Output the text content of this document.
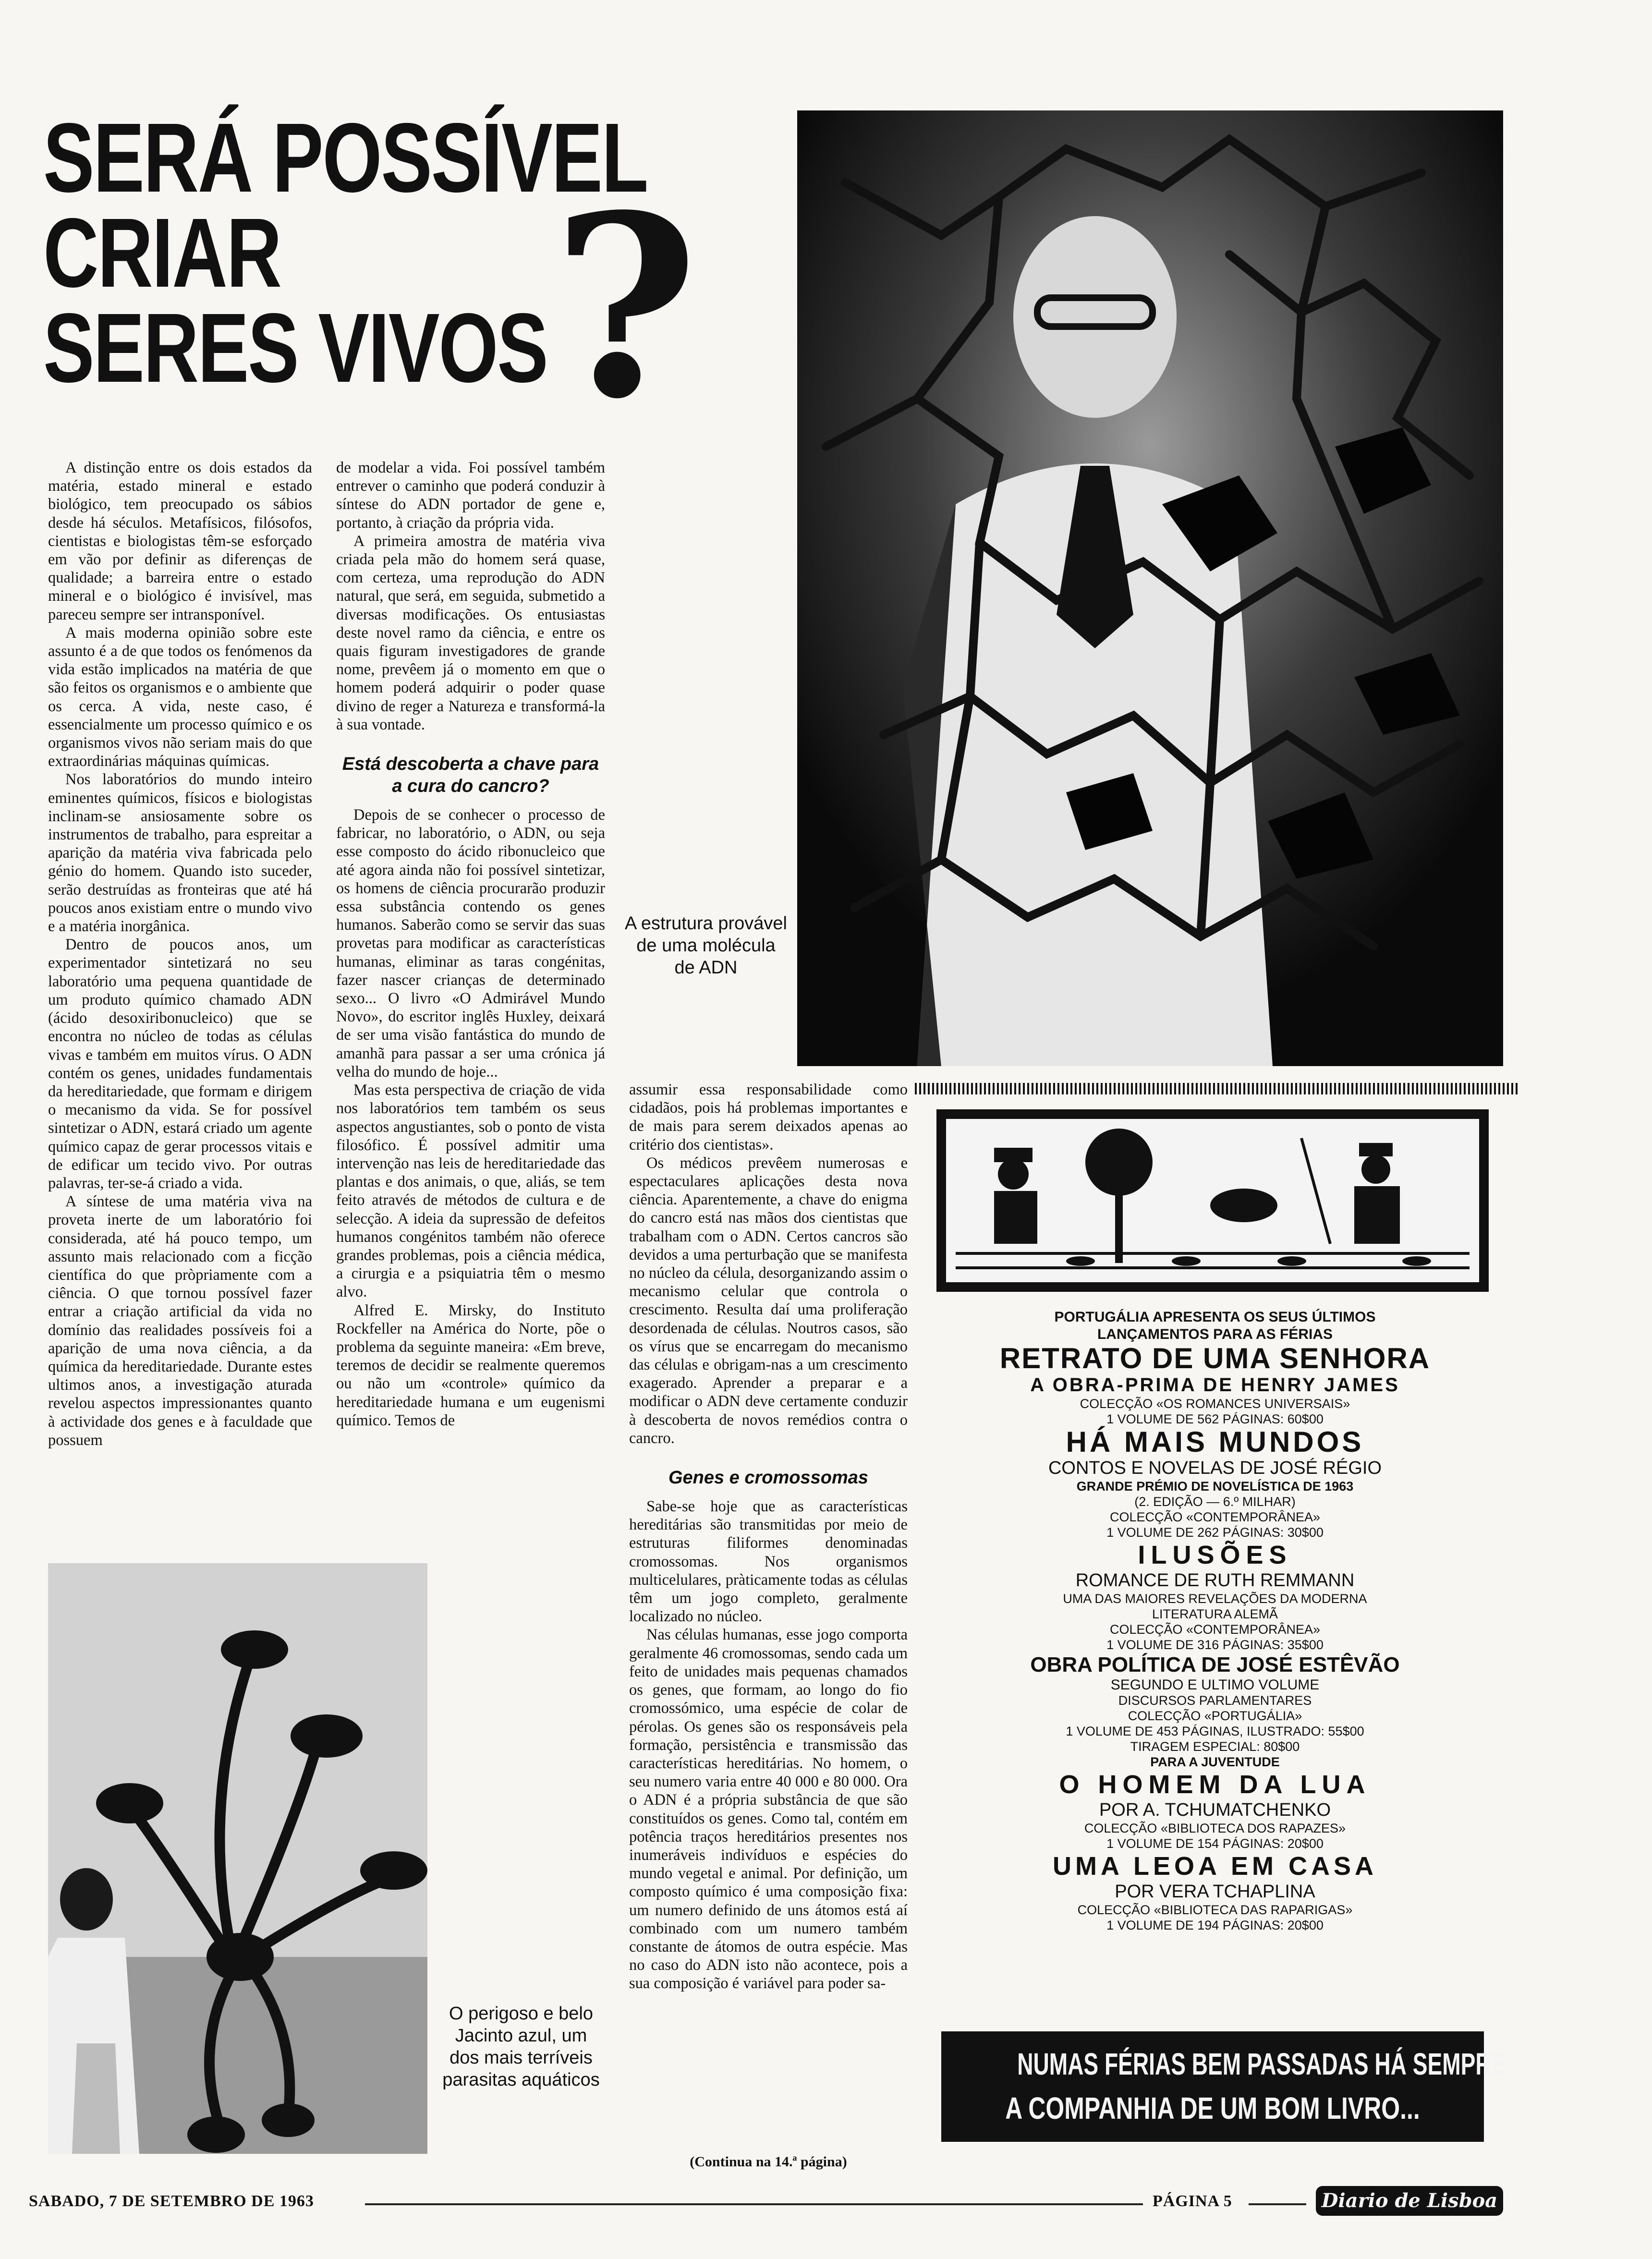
SERÁ POSSÍVEL
CRIAR
SERES VIVOS ?
A estrutura provável de uma molécula de ADN

A distinção entre os dois estados da matéria, estado mineral e estado biológico, tem preocupado os sábios desde há séculos. Metafísicos, filósofos, cientistas e biologistas têm-se esforçado em vão por definir as diferenças de qualidade; a barreira entre o estado mineral e o biológico é invisível, mas pareceu sempre ser intransponível.

A mais moderna opinião sobre este assunto é a de que todos os fenómenos da vida estão implicados na matéria de que são feitos os organismos e o ambiente que os cerca. A vida, neste caso, é essencialmente um processo químico e os organismos vivos não seriam mais do que extraordinárias máquinas químicas.

Nos laboratórios do mundo inteiro eminentes químicos, físicos e biologistas inclinam-se ansiosamente sobre os instrumentos de trabalho, para espreitar a aparição da matéria viva fabricada pelo génio do homem. Quando isto suceder, serão destruídas as fronteiras que até há poucos anos existiam entre o mundo vivo e a matéria inorgânica.

Dentro de poucos anos, um experimentador sintetizará no seu laboratório uma pequena quantidade de um produto químico chamado ADN (ácido desoxiribonucleico) que se encontra no núcleo de todas as células vivas e também em muitos vírus. O ADN contém os genes, unidades fundamentais da hereditariedade, que formam e dirigem o mecanismo da vida. Se for possível sintetizar o ADN, estará criado um agente químico capaz de gerar processos vitais e de edificar um tecido vivo. Por outras palavras, ter-se-á criado a vida.

A síntese de uma matéria viva na proveta inerte de um laboratório foi considerada, até há pouco tempo, um assunto mais relacionado com a ficção científica do que pròpriamente com a ciência. O que tornou possível fazer entrar a criação artificial da vida no domínio das realidades possíveis foi a aparição de uma nova ciência, a da química da hereditariedade. Durante estes ultimos anos, a investigação aturada revelou aspectos impressionantes quanto à actividade dos genes e à faculdade que possuem

de modelar a vida. Foi possível também entrever o caminho que poderá conduzir à síntese do ADN portador de gene e, portanto, à criação da própria vida.

A primeira amostra de matéria viva criada pela mão do homem será quase, com certeza, uma reprodução do ADN natural, que será, em seguida, submetido a diversas modificações. Os entusiastas deste novel ramo da ciência, e entre os quais figuram investigadores de grande nome, prevêem já o momento em que o homem poderá adquirir o poder quase divino de reger a Natureza e transformá-la à sua vontade.

Está descoberta a chave para a cura do cancro?

Depois de se conhecer o processo de fabricar, no laboratório, o ADN, ou seja esse composto do ácido ribonucleico que até agora ainda não foi possível sintetizar, os homens de ciência procurarão produzir essa substância contendo os genes humanos. Saberão como se servir das suas provetas para modificar as características humanas, eliminar as taras congénitas, fazer nascer crianças de determinado sexo... O livro «O Admirável Mundo Novo», do escritor inglês Huxley, deixará de ser uma visão fantástica do mundo de amanhã para passar a ser uma crónica já velha do mundo de hoje...

Mas esta perspectiva de criação de vida nos laboratórios tem também os seus aspectos angustiantes, sob o ponto de vista filosófico. É possível admitir uma intervenção nas leis de hereditariedade das plantas e dos animais, o que, aliás, se tem feito através de métodos de cultura e de selecção. A ideia da supressão de defeitos humanos congénitos também não oferece grandes problemas, pois a ciência médica, a cirurgia e a psiquiatria têm o mesmo alvo.

Alfred E. Mirsky, do Instituto Rockfeller na América do Norte, põe o problema da seguinte maneira: «Em breve, teremos de decidir se realmente queremos ou não um «controle» químico da hereditariedade humana e um eugenismi químico. Temos de

O perigoso e belo Jacinto azul, um dos mais terríveis parasitas aquáticos

assumir essa responsabilidade como cidadãos, pois há problemas importantes e de mais para serem deixados apenas ao critério dos cientistas».

Os médicos prevêem numerosas e espectaculares aplicações desta nova ciência. Aparentemente, a chave do enigma do cancro está nas mãos dos cientistas que trabalham com o ADN. Certos cancros são devidos a uma perturbação que se manifesta no núcleo da célula, desorganizando assim o mecanismo celular que controla o crescimento. Resulta daí uma proliferação desordenada de células. Noutros casos, são os vírus que se encarregam do mecanismo das células e obrigam-nas a um crescimento exagerado. Aprender a preparar e a modificar o ADN deve certamente conduzir à descoberta de novos remédios contra o cancro.

Genes e cromossomas

Sabe-se hoje que as características hereditárias são transmitidas por meio de estruturas filiformes denominadas cromossomas. Nos organismos multicelulares, pràticamente todas as células têm um jogo completo, geralmente localizado no núcleo.

Nas células humanas, esse jogo comporta geralmente 46 cromossomas, sendo cada um feito de unidades mais pequenas chamados os genes, que formam, ao longo do fio cromossómico, uma espécie de colar de pérolas. Os genes são os responsáveis pela formação, persistência e transmissão das características hereditárias. No homem, o seu numero varia entre 40 000 e 80 000. Ora o ADN é a própria substância de que são constituídos os genes. Como tal, contém em potência traços hereditários presentes nos inumeráveis indivíduos e espécies do mundo vegetal e animal. Por definição, um composto químico é uma composição fixa: um numero definido de uns átomos está aí combinado com um numero também constante de átomos de outra espécie. Mas no caso do ADN isto não acontece, pois a sua composição é variável para poder sa-

(Continua na 14.ª página)
PORTUGÁLIA APRESENTA OS SEUS ÚLTIMOS
LANÇAMENTOS PARA AS FÉRIAS
RETRATO DE UMA SENHORA
A OBRA-PRIMA DE HENRY JAMES
COLECÇÃO «OS ROMANCES UNIVERSAIS»
1 VOLUME DE 562 PÁGINAS: 60$00
HÁ MAIS MUNDOS
CONTOS E NOVELAS DE JOSÉ RÉGIO
GRANDE PRÉMIO DE NOVELÍSTICA DE 1963
(2. EDIÇÃO — 6.º MILHAR)
COLECÇÃO «CONTEMPORÂNEA»
1 VOLUME DE 262 PÁGINAS: 30$00
ILUSÕES
ROMANCE DE RUTH REMMANN
UMA DAS MAIORES REVELAÇÕES DA MODERNA
LITERATURA ALEMÃ
COLECÇÃO «CONTEMPORÂNEA»
1 VOLUME DE 316 PÁGINAS: 35$00
OBRA POLÍTICA DE JOSÉ ESTÊVÃO
SEGUNDO E ULTIMO VOLUME
DISCURSOS PARLAMENTARES
COLECÇÃO «PORTUGÁLIA»
1 VOLUME DE 453 PÁGINAS, ILUSTRADO: 55$00
TIRAGEM ESPECIAL: 80$00
PARA A JUVENTUDE
O HOMEM DA LUA
POR A. TCHUMATCHENKO
COLECÇÃO «BIBLIOTECA DOS RAPAZES»
1 VOLUME DE 154 PÁGINAS: 20$00
UMA LEOA EM CASA
POR VERA TCHAPLINA
COLECÇÃO «BIBLIOTECA DAS RAPARIGAS»
1 VOLUME DE 194 PÁGINAS: 20$00
NUMAS FÉRIAS BEM PASSADAS HÁ SEMPRE
A COMPANHIA DE UM BOM LIVRO...
SABADO, 7 DE SETEMBRO DE 1963	PÁGINA 5	Diario de Lisboa
